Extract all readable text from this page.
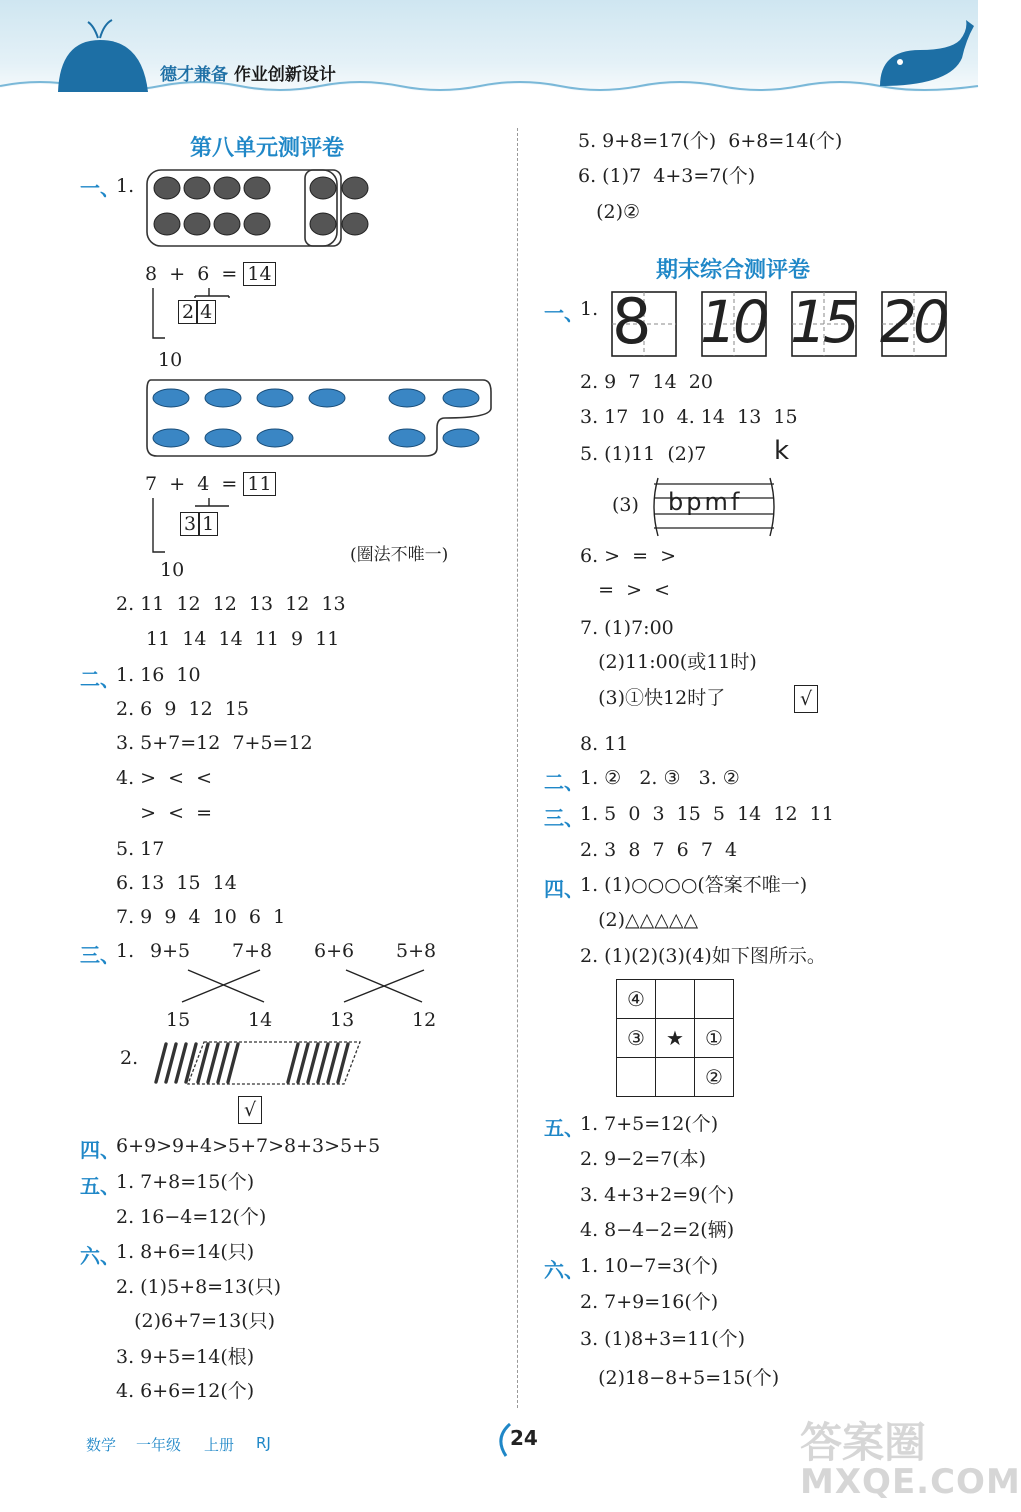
德才兼备 作业创新设计
第八单元测评卷
一、
1.
8 + 6 = 14
2 4
10
7 + 4 = 11
3 1
(圈法不唯一)
10
2. 11  12  12  13  12  13
11  14  14  11  9  11
二、
1. 16  10
2. 6  9  12  15
3. 5+7=12  7+5=12
4. >  <  <
>  <  =
5. 17
6. 13  15  14
7. 9  9  4  10  6  1
三、
1. 9+5 7+8 6+6 5+8
15	14	13	12
2.
√
四、
6+9>9+4>5+7>8+3>5+5
五、
1. 7+8=15(个)
2. 16−4=12(个)
六、
1. 8+6=14(只)
2. (1)5+8=13(只)
(2)6+7=13(只)
3. 9+5=14(根)
4. 6+6=12(个)
5. 9+8=17(个)  6+8=14(个)
6. (1)7  4+3=7(个)
(2)②
期末综合测评卷
一、
1. 8 10 15 20
2. 9  7  14  20
3. 17  10  4. 14  13  15
5. (1)11  (2)7	k
(3) bpmf
6. >  =  >
=  >  <
7. (1)7:00
(2)11:00(或11时)
(3)①快12时了	√
8. 11
二、
1. ②   2. ③   3. ②
三、
1. 5  0  3  15  5  14  12  11
2. 3  8  7  6  7  4
四、
1. (1)○○○○(答案不唯一)
(2)△△△△△
2. (1)(2)(3)(4)如下图所示。
④		
③	★	①
		②
五、
1. 7+5=12(个)
2. 9−2=7(本)
3. 4+3+2=9(个)
4. 8−4−2=2(辆)
六、
1. 10−7=3(个)
2. 7+9=16(个)
3. (1)8+3=11(个)
(2)18−8+5=15(个)
数学 一年级 上册 RJ	24	答案圈
MXQE.COM
